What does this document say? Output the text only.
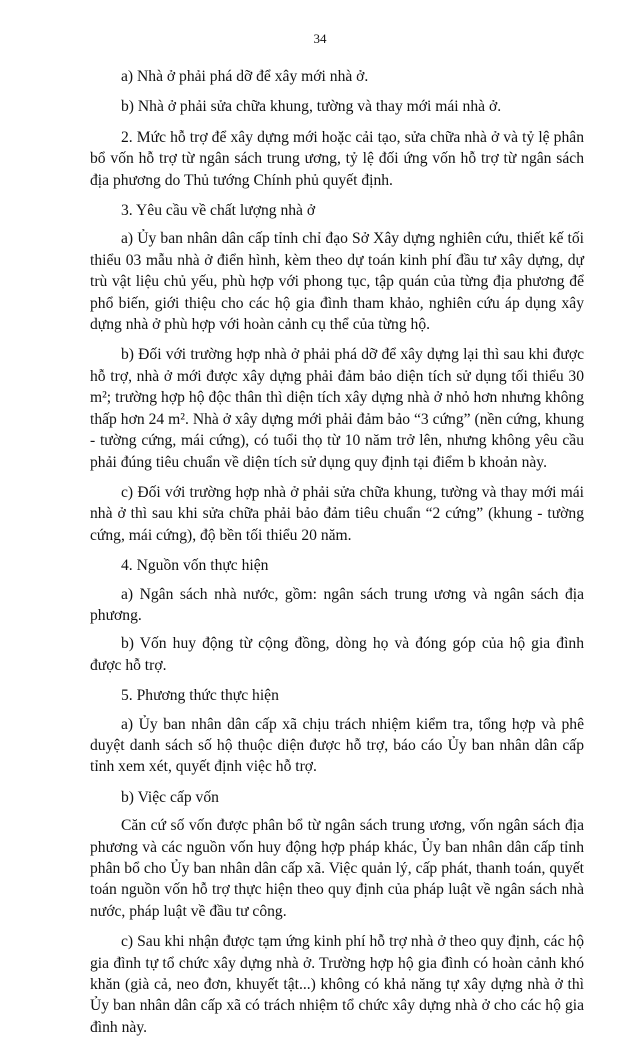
34

a) Nhà ở phải phá dỡ để xây mới nhà ở.

b) Nhà ở phải sửa chữa khung, tường và thay mới mái nhà ở.

2. Mức hỗ trợ để xây dựng mới hoặc cải tạo, sửa chữa nhà ở và tỷ lệ phân bổ vốn hỗ trợ từ ngân sách trung ương, tỷ lệ đối ứng vốn hỗ trợ từ ngân sách địa phương do Thủ tướng Chính phủ quyết định.

3. Yêu cầu về chất lượng nhà ở

a) Ủy ban nhân dân cấp tỉnh chỉ đạo Sở Xây dựng nghiên cứu, thiết kế tối thiểu 03 mẫu nhà ở điển hình, kèm theo dự toán kinh phí đầu tư xây dựng, dự trù vật liệu chủ yếu, phù hợp với phong tục, tập quán của từng địa phương để phổ biến, giới thiệu cho các hộ gia đình tham khảo, nghiên cứu áp dụng xây dựng nhà ở phù hợp với hoàn cảnh cụ thể của từng hộ.

b) Đối với trường hợp nhà ở phải phá dỡ để xây dựng lại thì sau khi được hỗ trợ, nhà ở mới được xây dựng phải đảm bảo diện tích sử dụng tối thiểu 30 m²; trường hợp hộ độc thân thì diện tích xây dựng nhà ở nhỏ hơn nhưng không thấp hơn 24 m². Nhà ở xây dựng mới phải đảm bảo “3 cứng” (nền cứng, khung - tường cứng, mái cứng), có tuổi thọ từ 10 năm trở lên, nhưng không yêu cầu phải đúng tiêu chuẩn về diện tích sử dụng quy định tại điểm b khoản này.

c) Đối với trường hợp nhà ở phải sửa chữa khung, tường và thay mới mái nhà ở thì sau khi sửa chữa phải bảo đảm tiêu chuẩn “2 cứng” (khung - tường cứng, mái cứng), độ bền tối thiểu 20 năm.

4. Nguồn vốn thực hiện

a) Ngân sách nhà nước, gồm: ngân sách trung ương và ngân sách địa phương.

b) Vốn huy động từ cộng đồng, dòng họ và đóng góp của hộ gia đình được hỗ trợ.

5. Phương thức thực hiện

a) Ủy ban nhân dân cấp xã chịu trách nhiệm kiểm tra, tổng hợp và phê duyệt danh sách số hộ thuộc diện được hỗ trợ, báo cáo Ủy ban nhân dân cấp tỉnh xem xét, quyết định việc hỗ trợ.

b) Việc cấp vốn

Căn cứ số vốn được phân bổ từ ngân sách trung ương, vốn ngân sách địa phương và các nguồn vốn huy động hợp pháp khác, Ủy ban nhân dân cấp tỉnh phân bổ cho Ủy ban nhân dân cấp xã. Việc quản lý, cấp phát, thanh toán, quyết toán nguồn vốn hỗ trợ thực hiện theo quy định của pháp luật về ngân sách nhà nước, pháp luật về đầu tư công.

c) Sau khi nhận được tạm ứng kinh phí hỗ trợ nhà ở theo quy định, các hộ gia đình tự tổ chức xây dựng nhà ở. Trường hợp hộ gia đình có hoàn cảnh khó khăn (già cả, neo đơn, khuyết tật...) không có khả năng tự xây dựng nhà ở thì Ủy ban nhân dân cấp xã có trách nhiệm tổ chức xây dựng nhà ở cho các hộ gia đình này.
